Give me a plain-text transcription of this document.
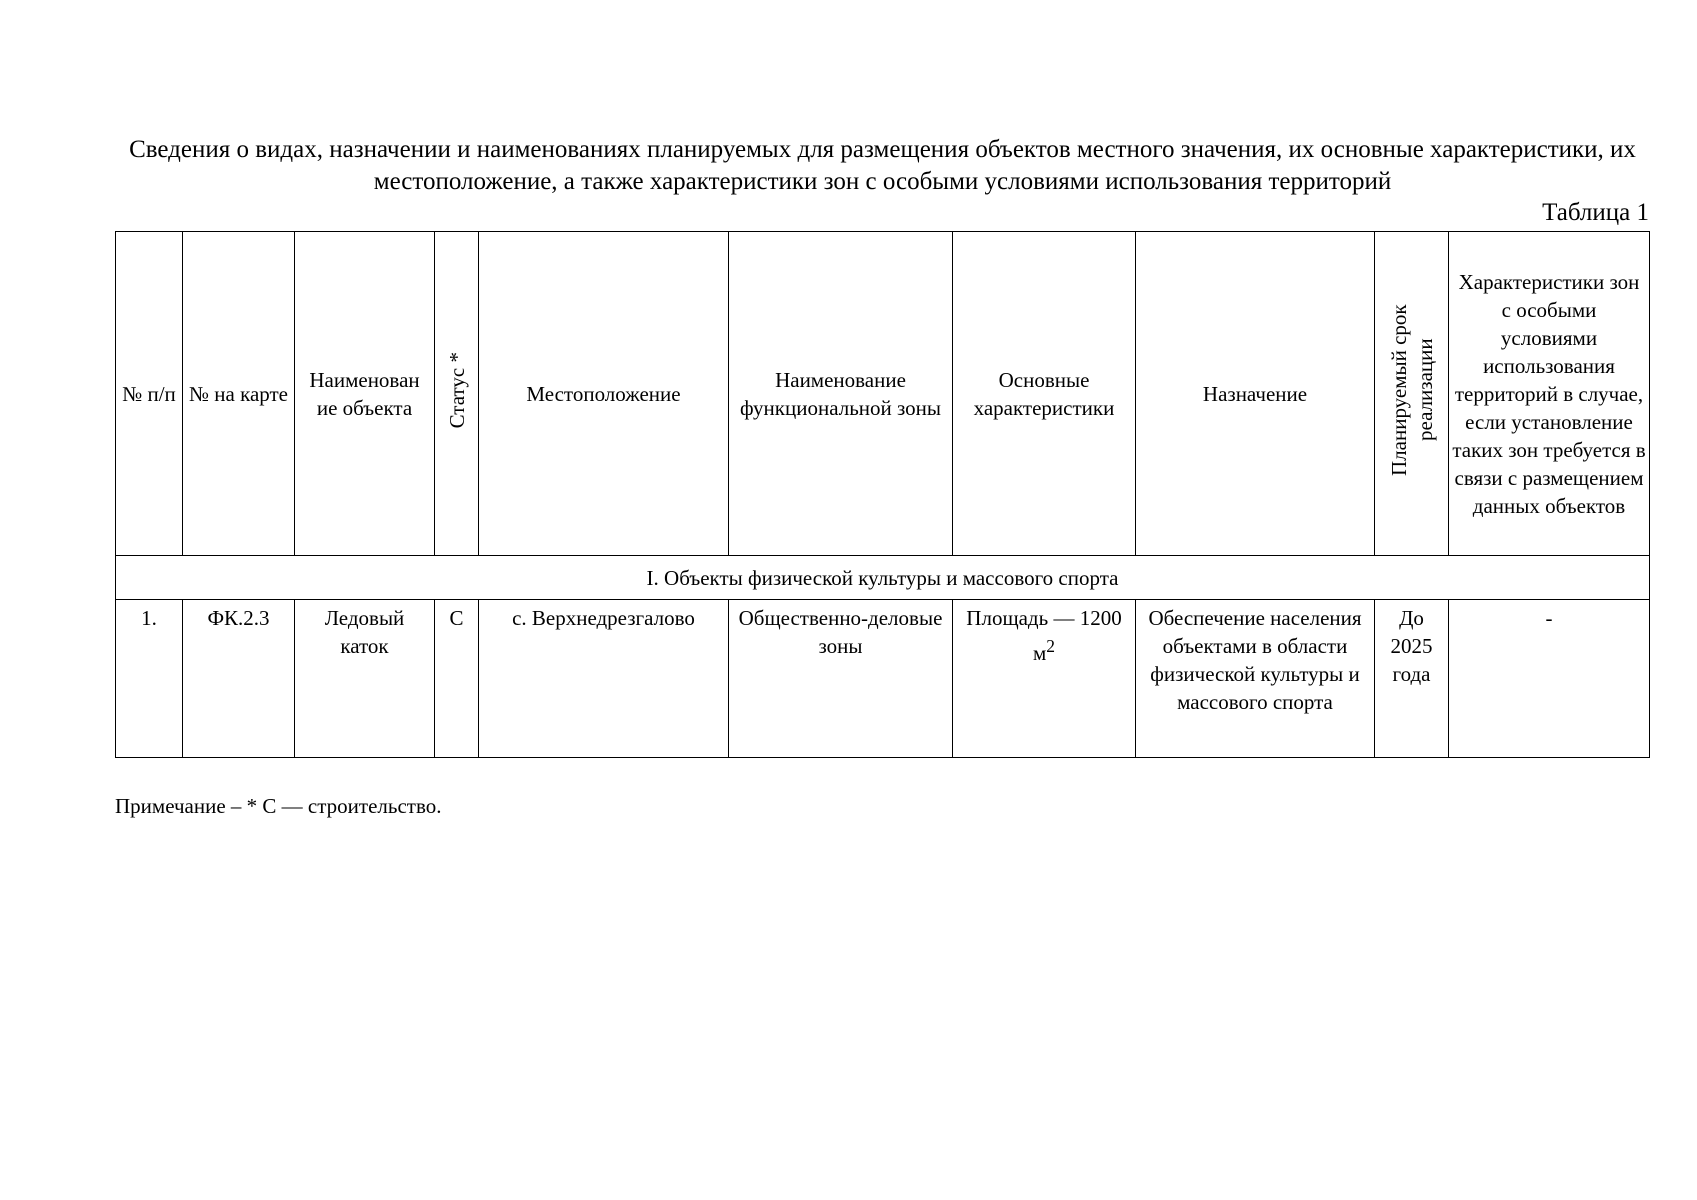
Сведения о видах, назначении и наименованиях планируемых для размещения объектов местного значения, их основные характеристики, их местоположение, а также характеристики зон с особыми условиями использования территорий
Таблица 1
№ п/п	№ на карте	Наименован ие объекта	Статус *	Местоположение	Наименование функциональной зоны	Основные характеристики	Назначение	Планируемый срок реализации	Характеристики зон с особыми условиями использования территорий в случае, если установление таких зон требуется в связи с размещением данных объектов
I. Объекты физической культуры и массового спорта									
1.	ФК.2.3	Ледовый каток	С	с. Верхнедрезгалово	Общественно-деловые зоны	Площадь — 1200 $м^2$	Обеспечение населения объектами в области физической культуры и массового спорта	До 2025 года	-
Примечание – * С — строительство.
